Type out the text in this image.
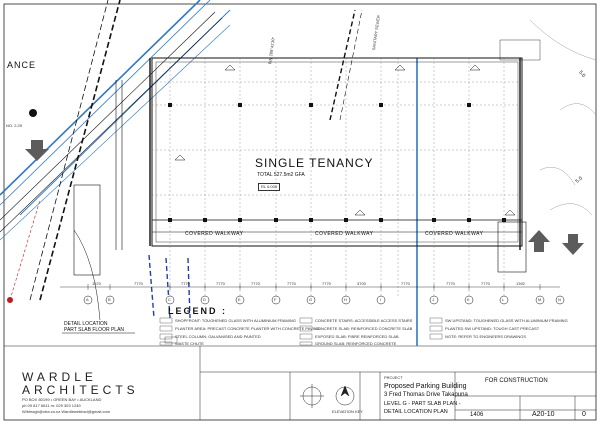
ANCE
NO. 2.25
SINGLE TENANCY
TOTAL 527.5m2 GFA
RL 6.000
COVERED WALKWAY	COVERED WALKWAY	COVERED WALKWAY
Bdy 288°41'30"
SANITARY SEWER
5.0
5.0
A	B	C	D	E	F	G	H	I	J	K	L	M	N
1370	7770	7770	7770	7770	7770	7770	3700	7770	7770	7770	1392
DETAIL LOCATION
PART SLAB FLOOR PLAN
LEGEND :
SHOPFRONT: TOUGHENED GLASS WITH ALUMINIUM FRAMING
PLANTER AREA: PRECAST CONCRETE PLANTER WITH CONCRETE PAVING
STEEL COLUMN: GALVANISED AND PAINTED
WASTE CHUTE
CONCRETE STAIRS: ACCESSIBLE ACCESS STAIRS
CONCRETE SLAB: REINFORCED CONCRETE SLAB
EXPOSED SLAB: FIBRE REINFORCED SLAB
GROUND SLAB: REINFORCED CONCRETE
SW UPSTAND: TOUGHENED GLASS WITH ALUMINIUM FRAMING
PLANTED SW UPSTAND: TOUGH CAST PRECAST
NOTE: REFER TO ENGINEERS DRAWINGS
WARDLE
ARCHITECTS
PO BOX 80199 • GREEN BAY • AUCKLAND
ph 09 817 6611 m: 029 303 1249
W/bleagh@xtra.co.nz Wardlewebbsd@gmail.com
PROJECT
Proposed Parking Building
3 Fred Thomas Drive Takapuna
LEVEL G - PART SLAB PLAN -
DETAIL LOCATION PLAN
ELEVATION KEY
FOR CONSTRUCTION
1406	A20-10	0
